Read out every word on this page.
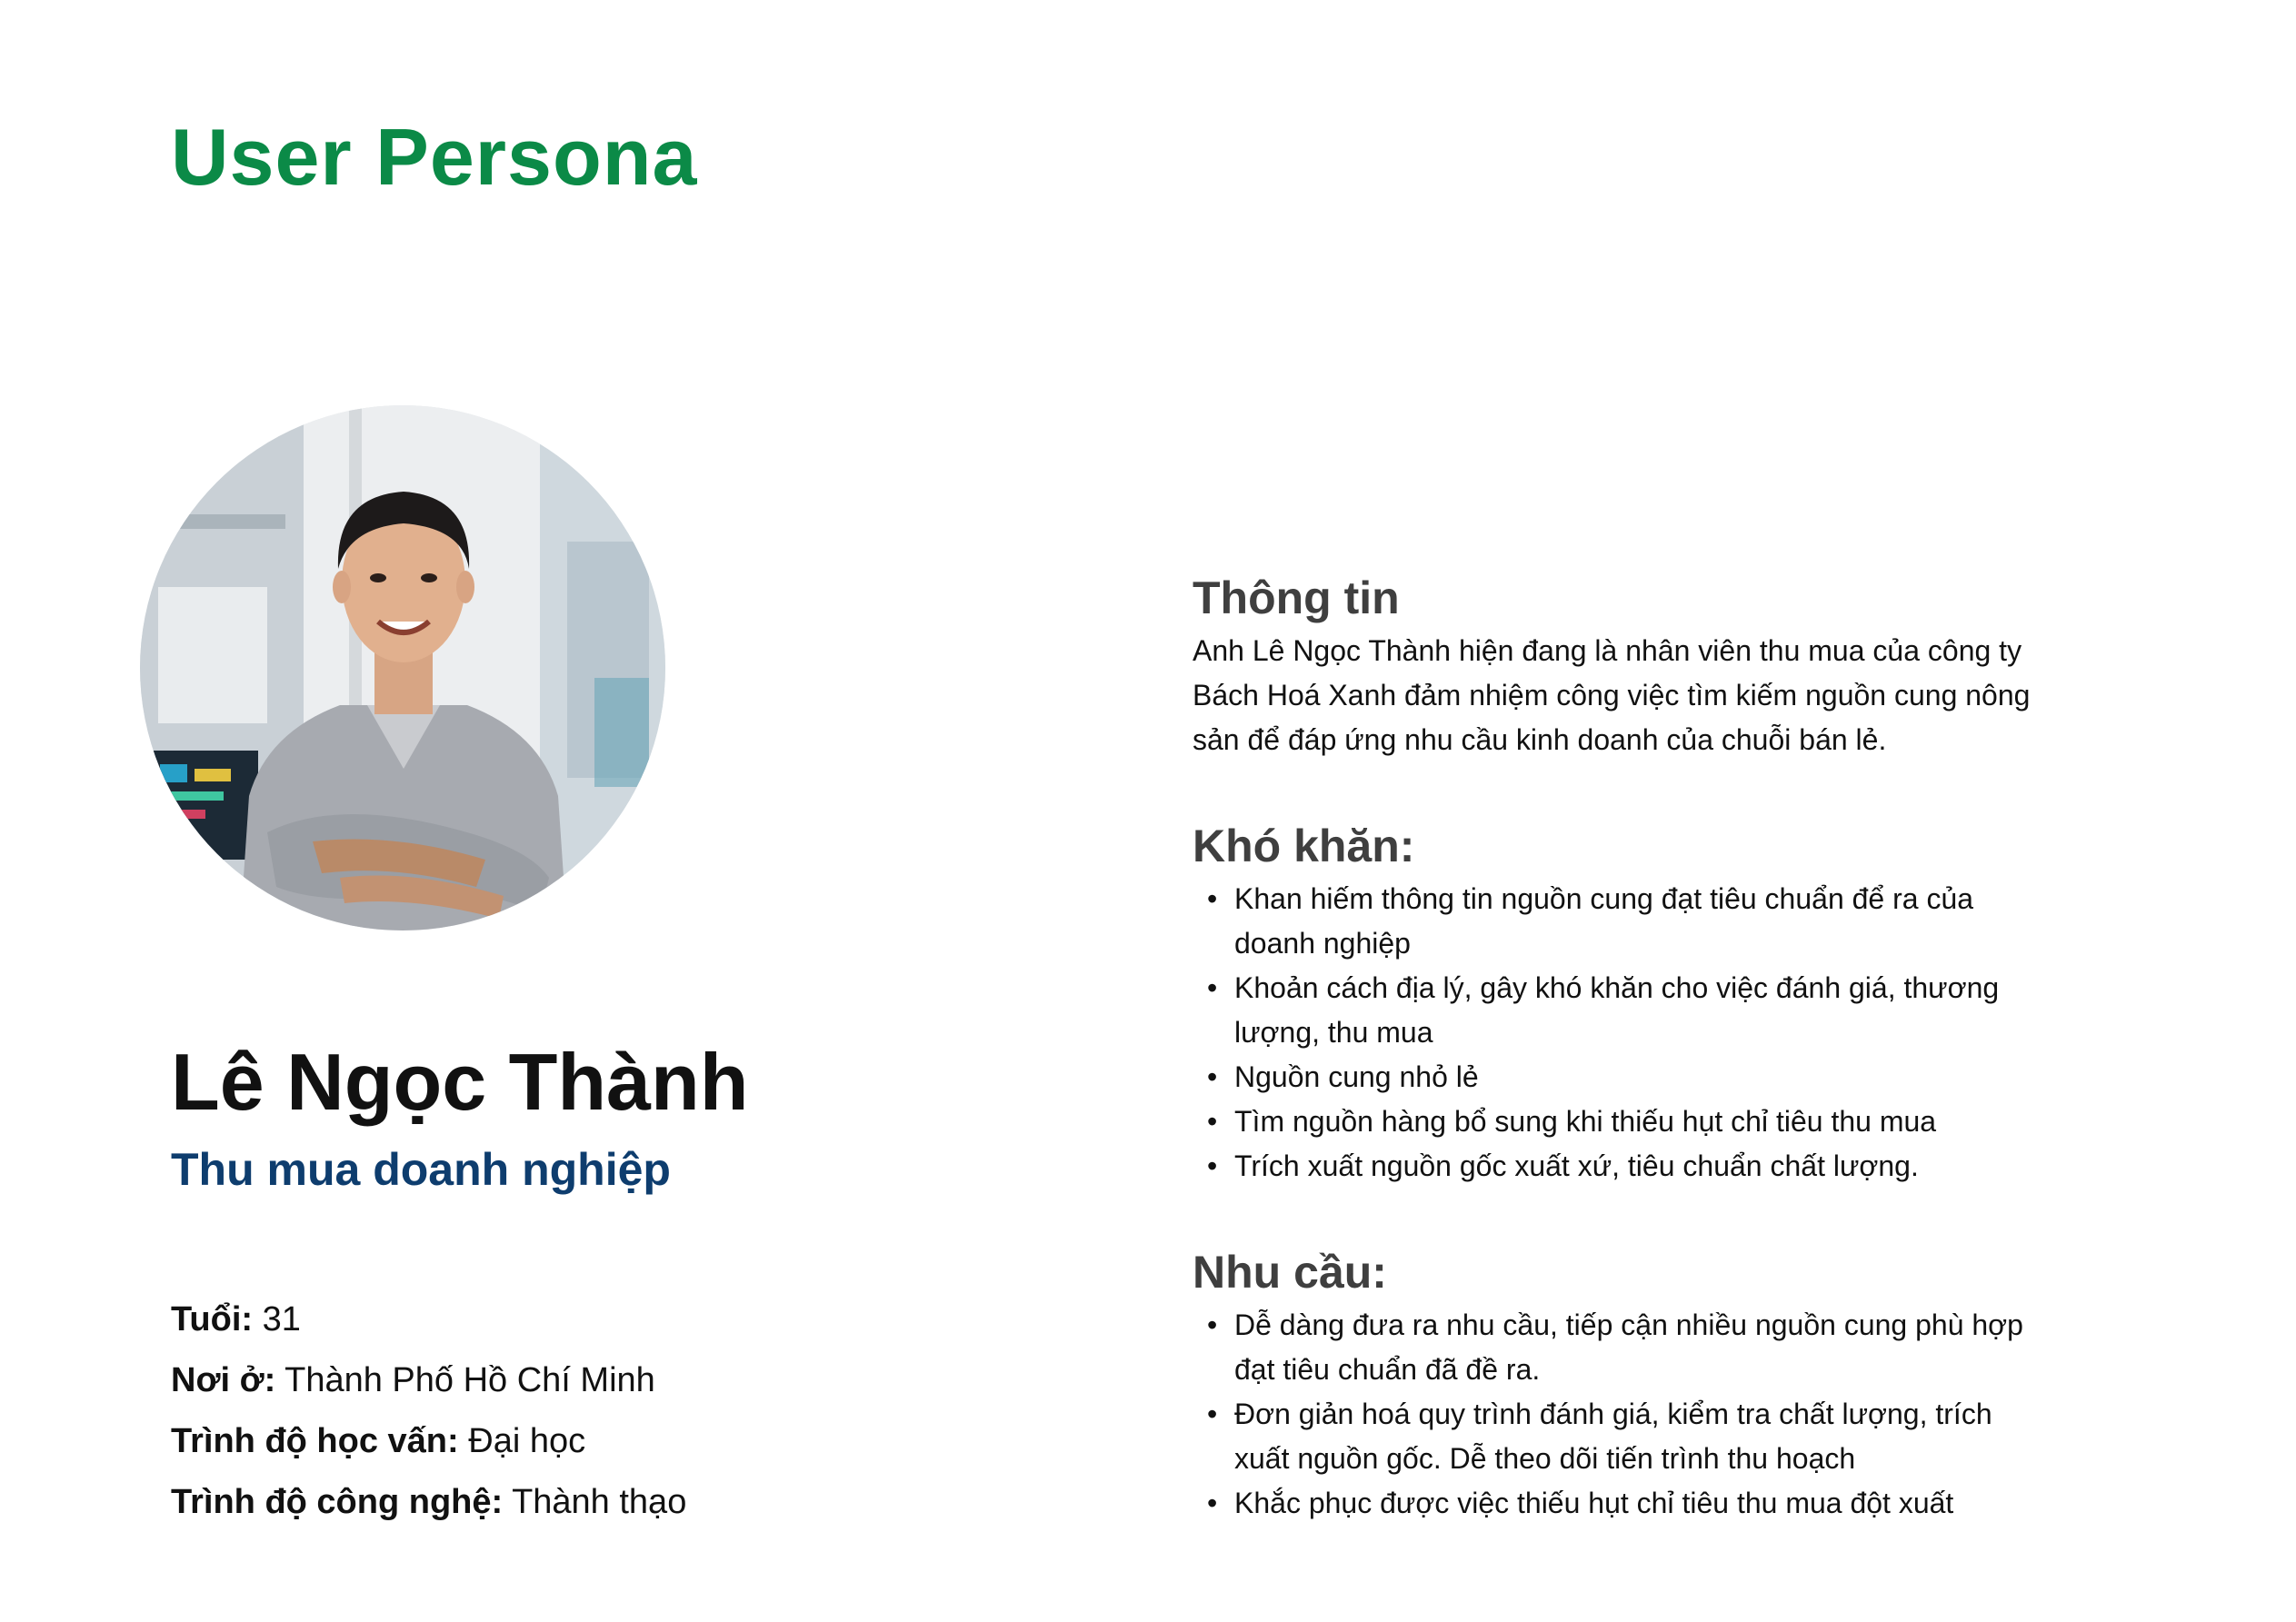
User Persona
Lê Ngọc Thành
Thu mua doanh nghiệp
Tuổi: 31
Nơi ở: Thành Phố Hồ Chí Minh
Trình độ học vấn: Đại học
Trình độ công nghệ: Thành thạo
Thông tin

Anh Lê Ngọc Thành hiện đang là nhân viên thu mua của công ty Bách Hoá Xanh đảm nhiệm công việc tìm kiếm nguồn cung nông sản để đáp ứng nhu cầu kinh doanh của chuỗi bán lẻ.

Khó khăn:
• Khan hiếm thông tin nguồn cung đạt tiêu chuẩn để ra của doanh nghiệp
• Khoản cách địa lý, gây khó khăn cho việc đánh giá, thương lượng, thu mua
• Nguồn cung nhỏ lẻ
• Tìm nguồn hàng bổ sung khi thiếu hụt chỉ tiêu thu mua
• Trích xuất nguồn gốc xuất xứ, tiêu chuẩn chất lượng.
Nhu cầu:
• Dễ dàng đưa ra nhu cầu, tiếp cận nhiều nguồn cung phù hợp đạt tiêu chuẩn đã đề ra.
• Đơn giản hoá quy trình đánh giá, kiểm tra chất lượng, trích xuất nguồn gốc. Dễ theo dõi tiến trình thu hoạch
• Khắc phục được việc thiếu hụt chỉ tiêu thu mua đột xuất
